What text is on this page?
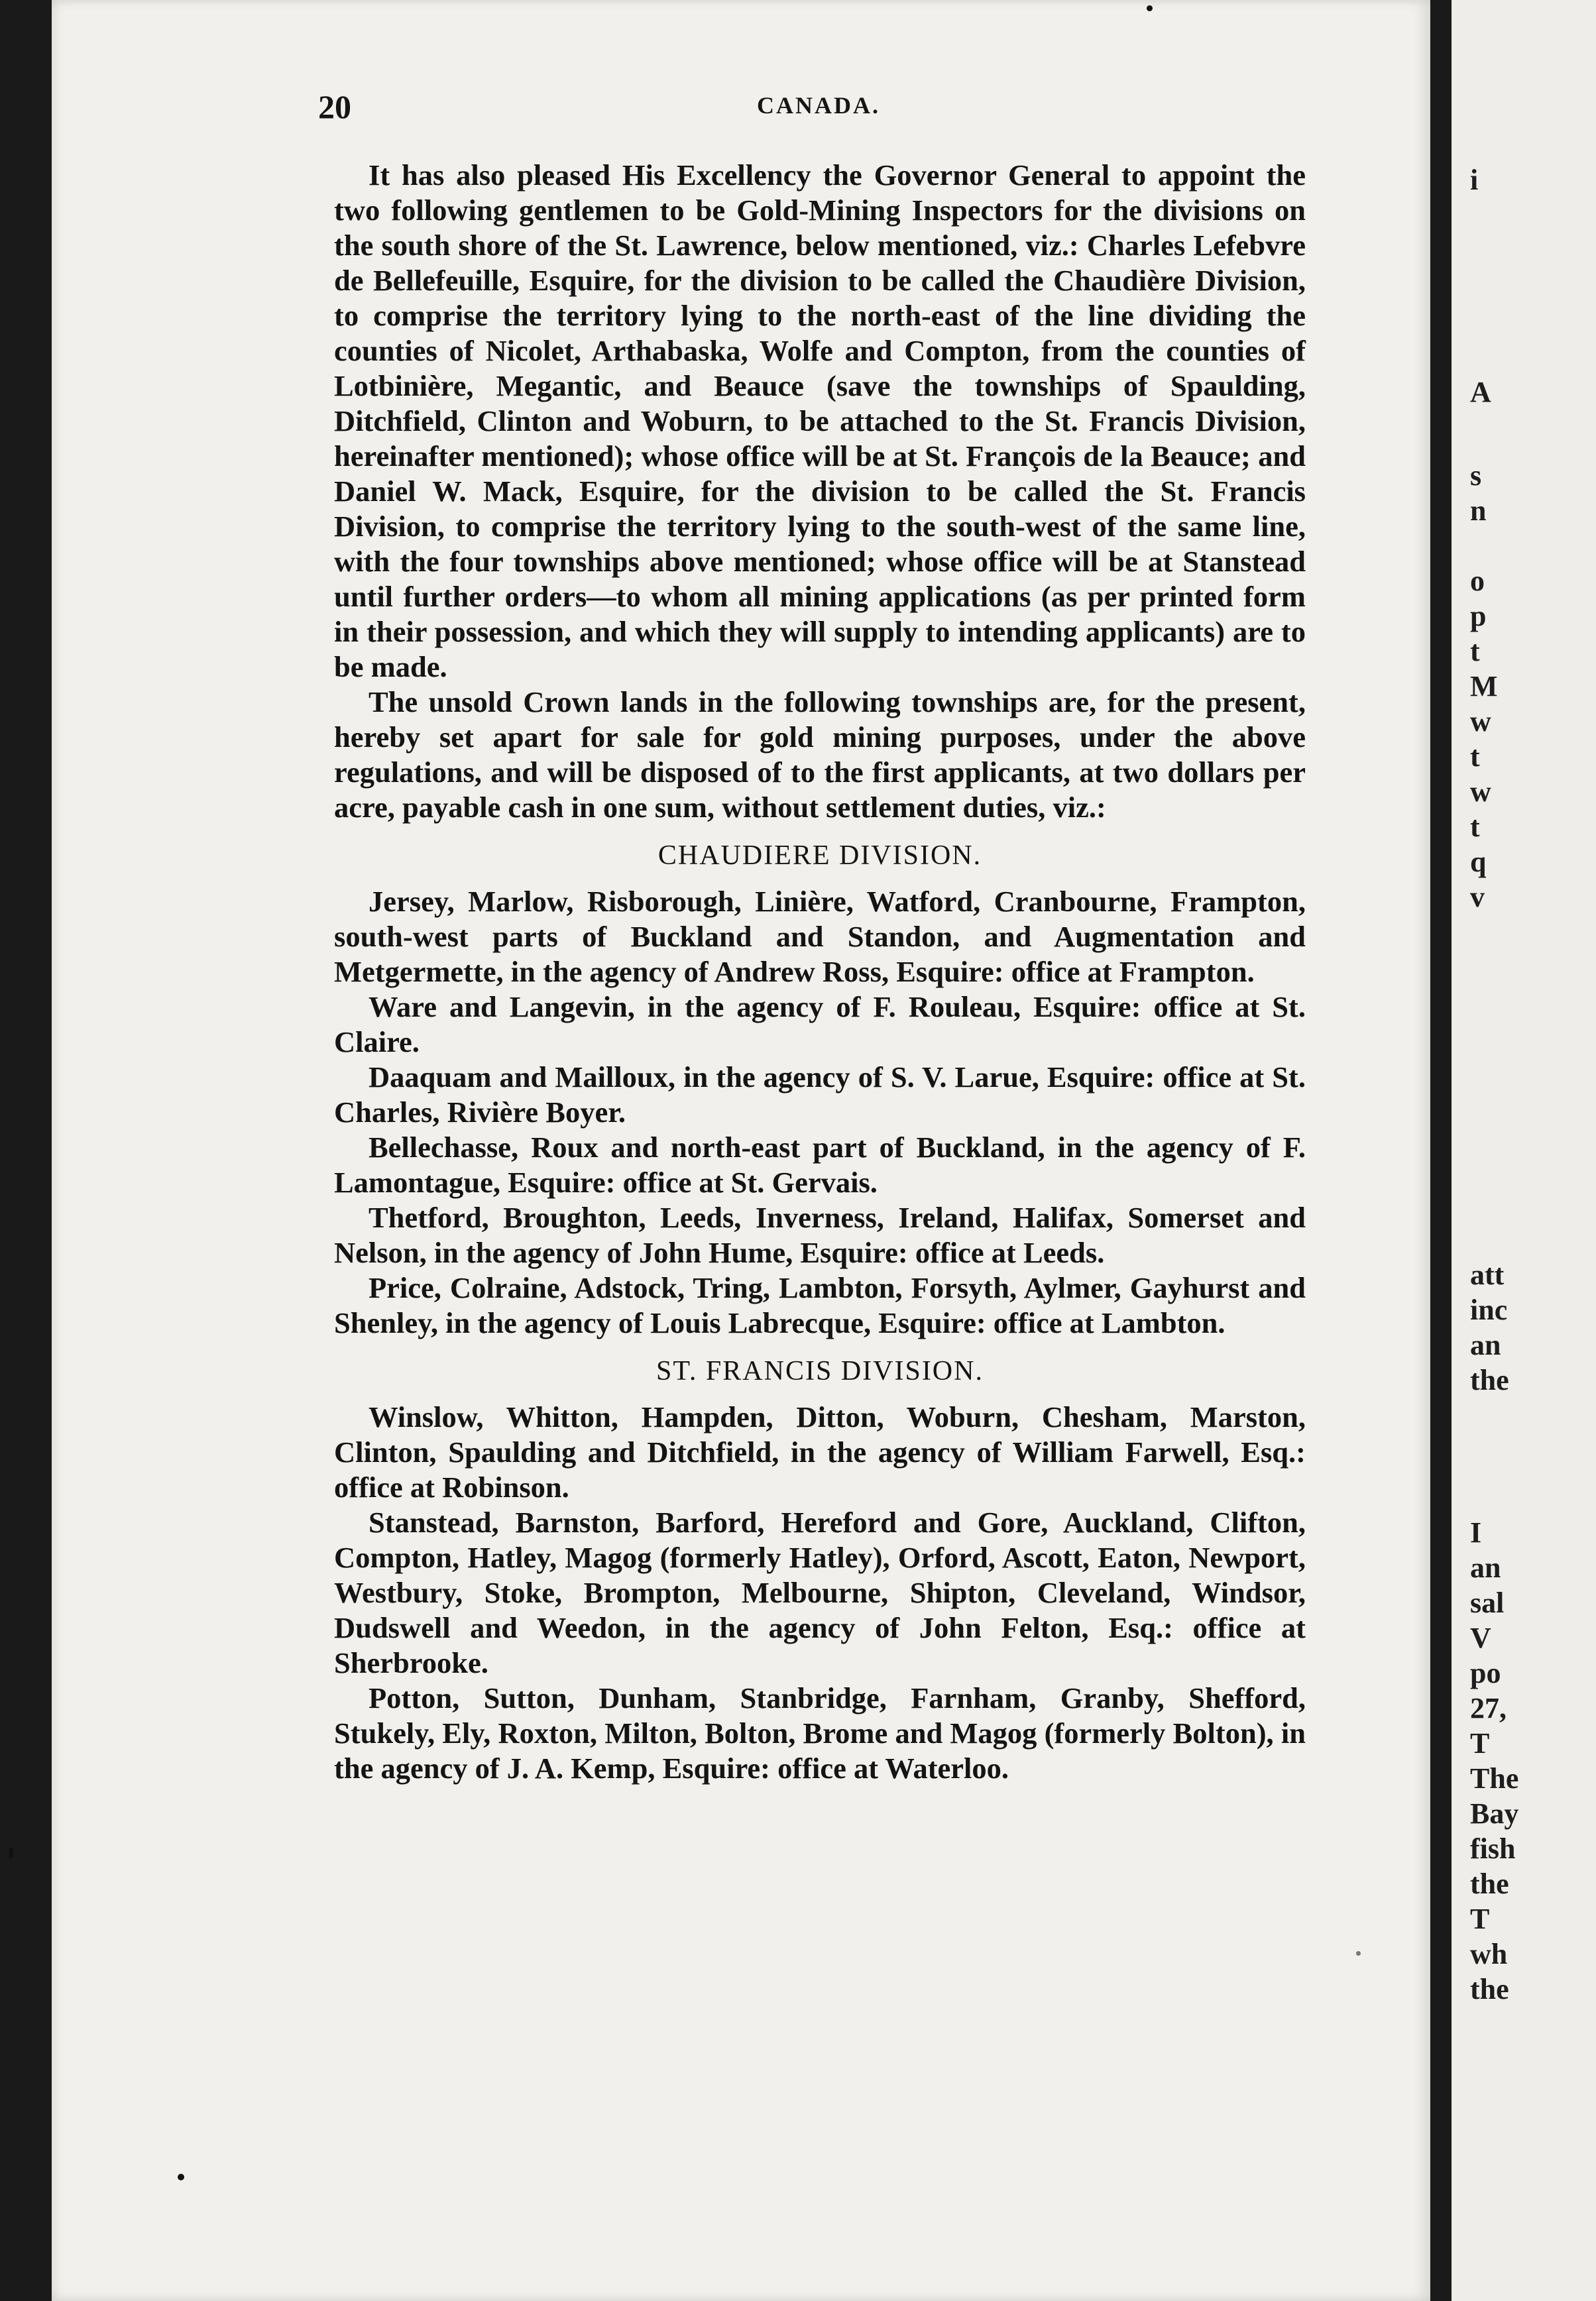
i
A
s
n
o
p
t
M
w
t
w
t
q
v
att
inc
an
the
I
an
sal
V
po
27,
T
The
Bay
fish
the
T
wh
the
20	CANADA.

It has also pleased His Excellency the Governor General to appoint the two following gentlemen to be Gold-Mining Inspectors for the divisions on the south shore of the St. Lawrence, below mentioned, viz.: Charles Lefebvre de Bellefeuille, Esquire, for the division to be called the Chaudière Division, to comprise the territory lying to the north-east of the line dividing the counties of Nicolet, Arthabaska, Wolfe and Compton, from the counties of Lotbinière, Megantic, and Beauce (save the townships of Spaulding, Ditchfield, Clinton and Woburn, to be attached to the St. Francis Division, hereinafter mentioned); whose office will be at St. François de la Beauce; and Daniel W. Mack, Esquire, for the division to be called the St. Francis Division, to comprise the territory lying to the south-west of the same line, with the four townships above mentioned; whose office will be at Stanstead until further orders—to whom all mining applications (as per printed form in their possession, and which they will supply to intending applicants) are to be made.

The unsold Crown lands in the following townships are, for the present, hereby set apart for sale for gold mining purposes, under the above regulations, and will be disposed of to the first applicants, at two dollars per acre, payable cash in one sum, without settlement duties, viz.:

CHAUDIERE DIVISION.

Jersey, Marlow, Risborough, Linière, Watford, Cranbourne, Frampton, south-west parts of Buckland and Standon, and Augmentation and Metgermette, in the agency of Andrew Ross, Esquire: office at Frampton.

Ware and Langevin, in the agency of F. Rouleau, Esquire: office at St. Claire.

Daaquam and Mailloux, in the agency of S. V. Larue, Esquire: office at St. Charles, Rivière Boyer.

Bellechasse, Roux and north-east part of Buckland, in the agency of F. Lamontague, Esquire: office at St. Gervais.

Thetford, Broughton, Leeds, Inverness, Ireland, Halifax, Somerset and Nelson, in the agency of John Hume, Esquire: office at Leeds.

Price, Colraine, Adstock, Tring, Lambton, Forsyth, Aylmer, Gayhurst and Shenley, in the agency of Louis Labrecque, Esquire: office at Lambton.

ST. FRANCIS DIVISION.

Winslow, Whitton, Hampden, Ditton, Woburn, Chesham, Marston, Clinton, Spaulding and Ditchfield, in the agency of William Farwell, Esq.: office at Robinson.

Stanstead, Barnston, Barford, Hereford and Gore, Auckland, Clifton, Compton, Hatley, Magog (formerly Hatley), Orford, Ascott, Eaton, Newport, Westbury, Stoke, Brompton, Melbourne, Shipton, Cleveland, Windsor, Dudswell and Weedon, in the agency of John Felton, Esq.: office at Sherbrooke.

Potton, Sutton, Dunham, Stanbridge, Farnham, Granby, Shefford, Stukely, Ely, Roxton, Milton, Bolton, Brome and Magog (formerly Bolton), in the agency of J. A. Kemp, Esquire: office at Waterloo.
